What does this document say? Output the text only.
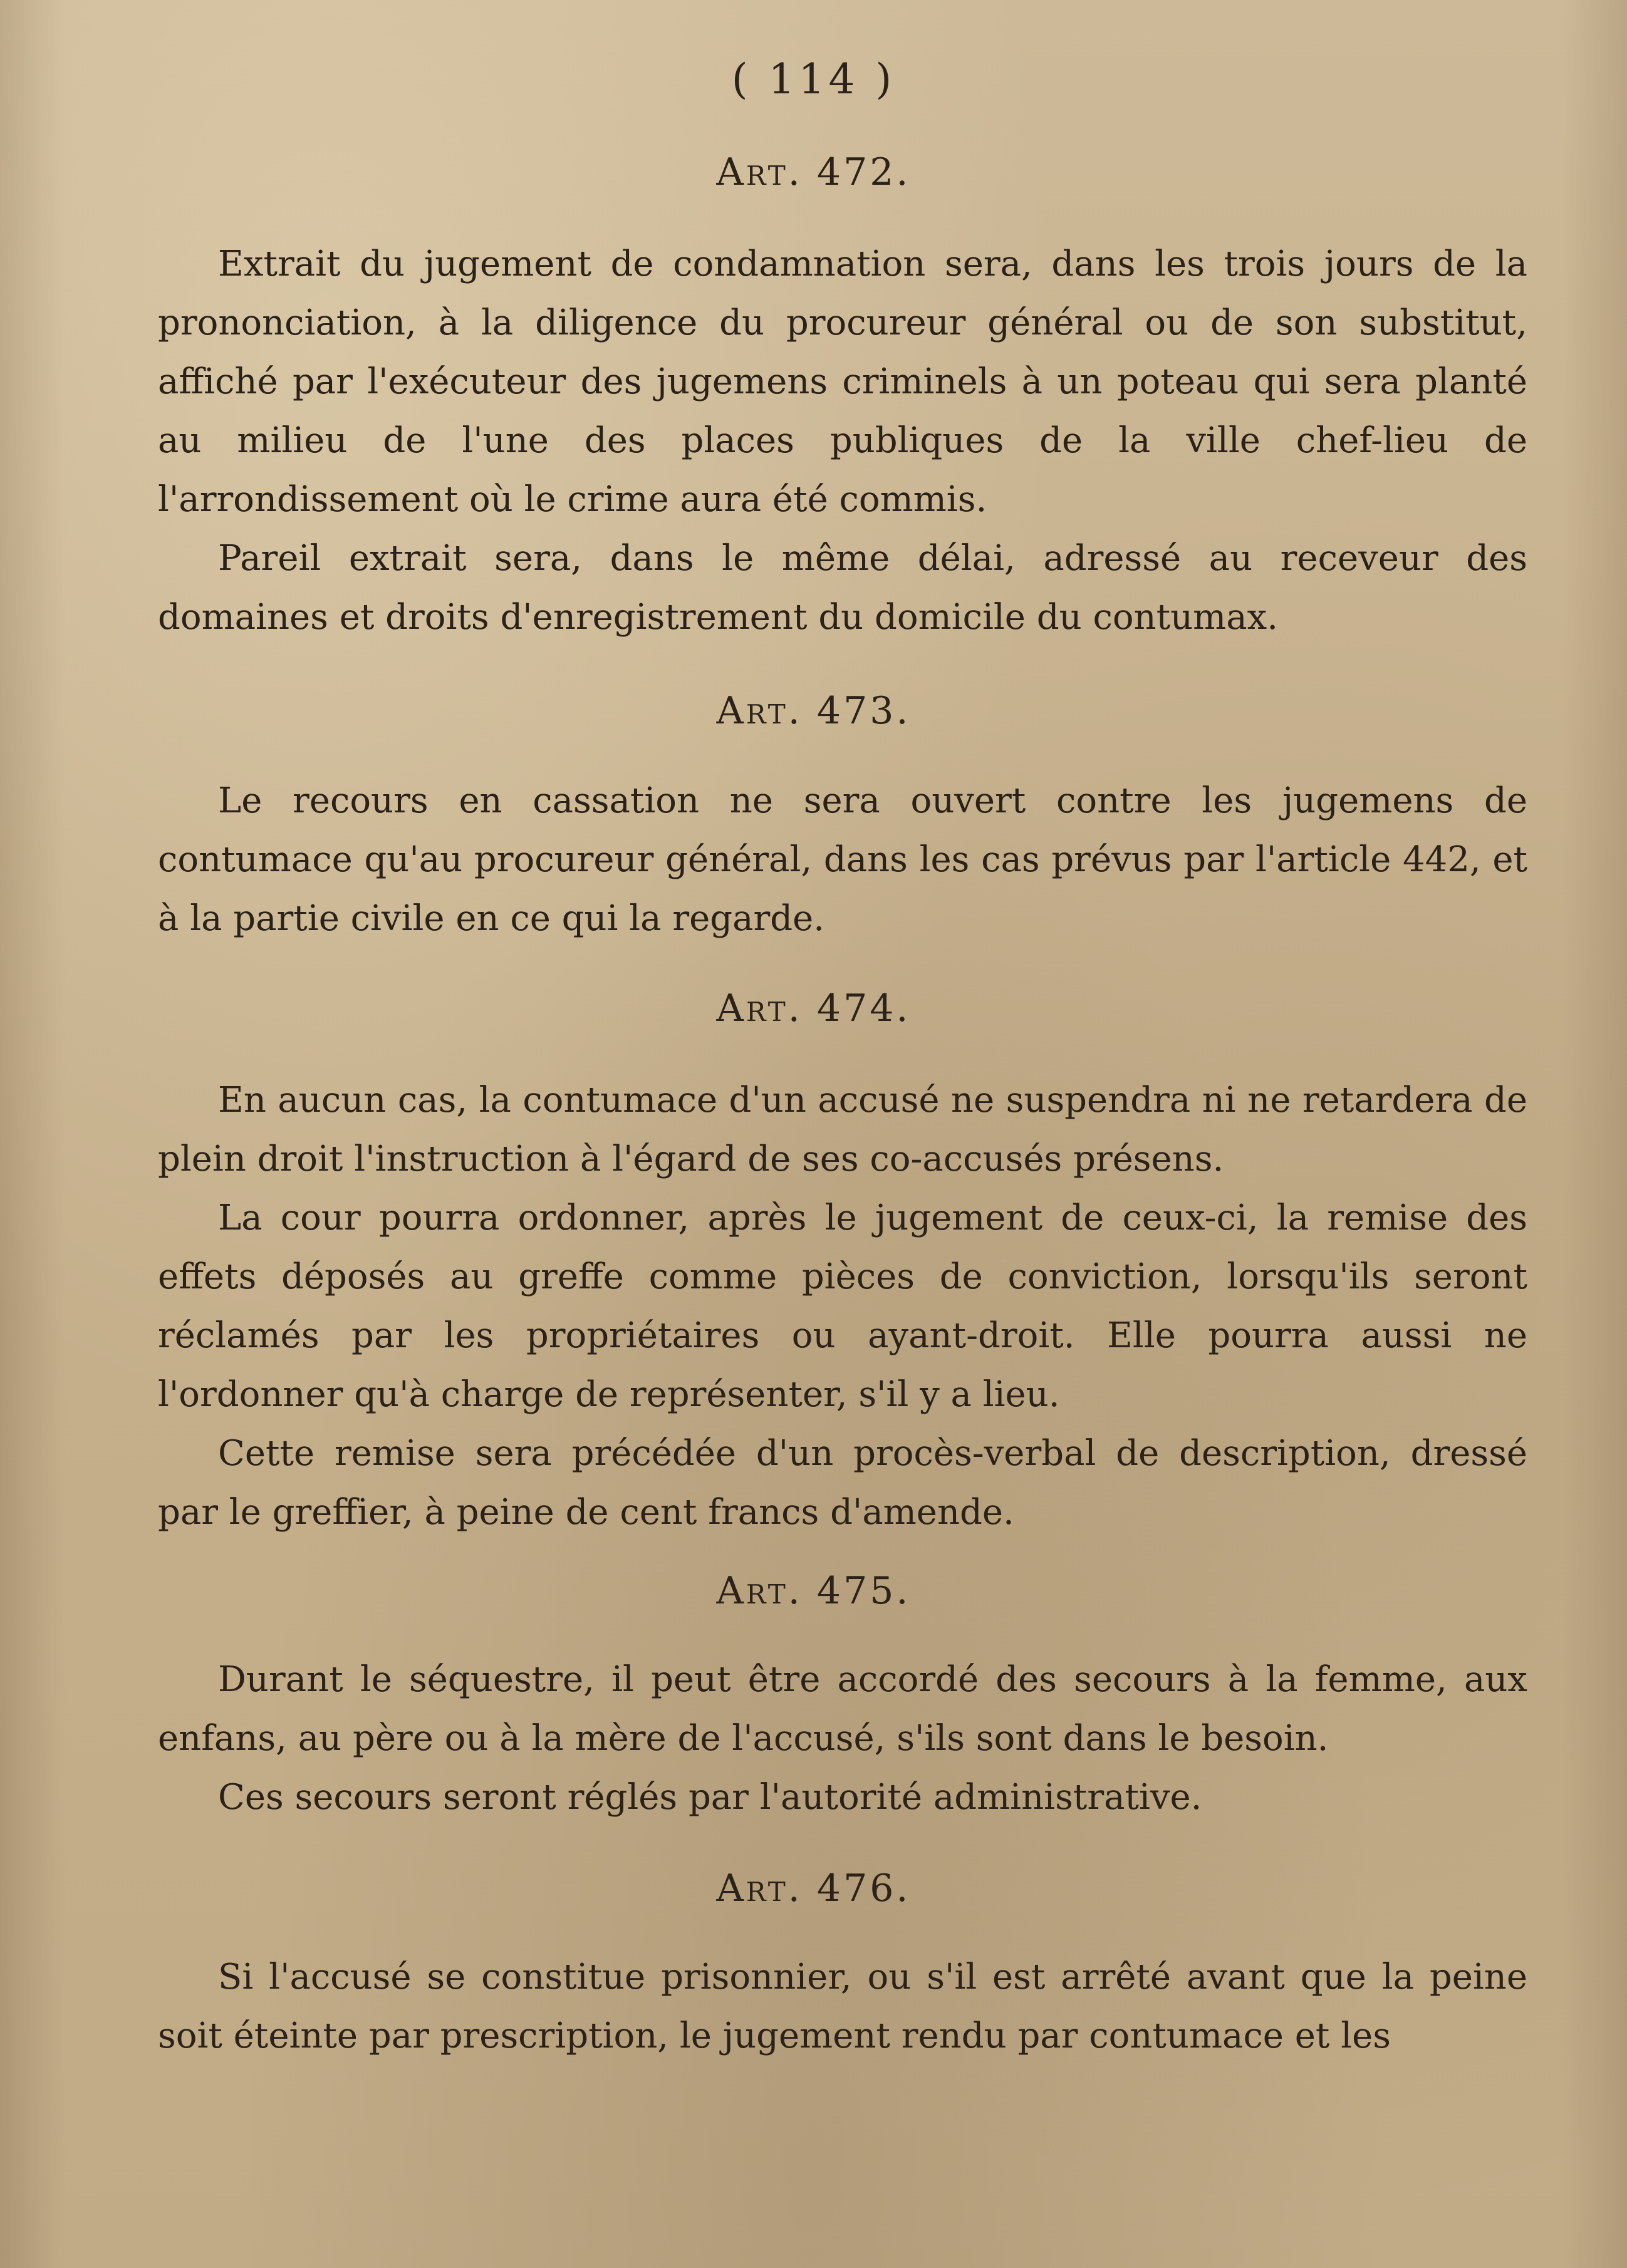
( 114 )
Art. 472.

Extrait du jugement de condamnation sera, dans les trois jours de la prononciation, à la diligence du procureur général ou de son substitut, affiché par l'exécuteur des jugemens criminels à un poteau qui sera planté au milieu de l'une des places publiques de la ville chef-lieu de l'arrondissement où le crime aura été commis.

Pareil extrait sera, dans le même délai, adressé au receveur des domaines et droits d'enregistrement du domicile du contumax.

Art. 473.

Le recours en cassation ne sera ouvert contre les jugemens de contumace qu'au procureur général, dans les cas prévus par l'article 442, et à la partie civile en ce qui la regarde.

Art. 474.

En aucun cas, la contumace d'un accusé ne suspendra ni ne retardera de plein droit l'instruction à l'égard de ses co-accusés présens.

La cour pourra ordonner, après le jugement de ceux-ci, la remise des effets déposés au greffe comme pièces de conviction, lorsqu'ils seront réclamés par les propriétaires ou ayant-droit. Elle pourra aussi ne l'ordonner qu'à charge de représenter, s'il y a lieu.

Cette remise sera précédée d'un procès-verbal de description, dressé par le greffier, à peine de cent francs d'amende.

Art. 475.

Durant le séquestre, il peut être accordé des secours à la femme, aux enfans, au père ou à la mère de l'accusé, s'ils sont dans le besoin.

Ces secours seront réglés par l'autorité administrative.

Art. 476.

Si l'accusé se constitue prisonnier, ou s'il est arrêté avant que la peine soit éteinte par prescription, le jugement rendu par contumace et les
